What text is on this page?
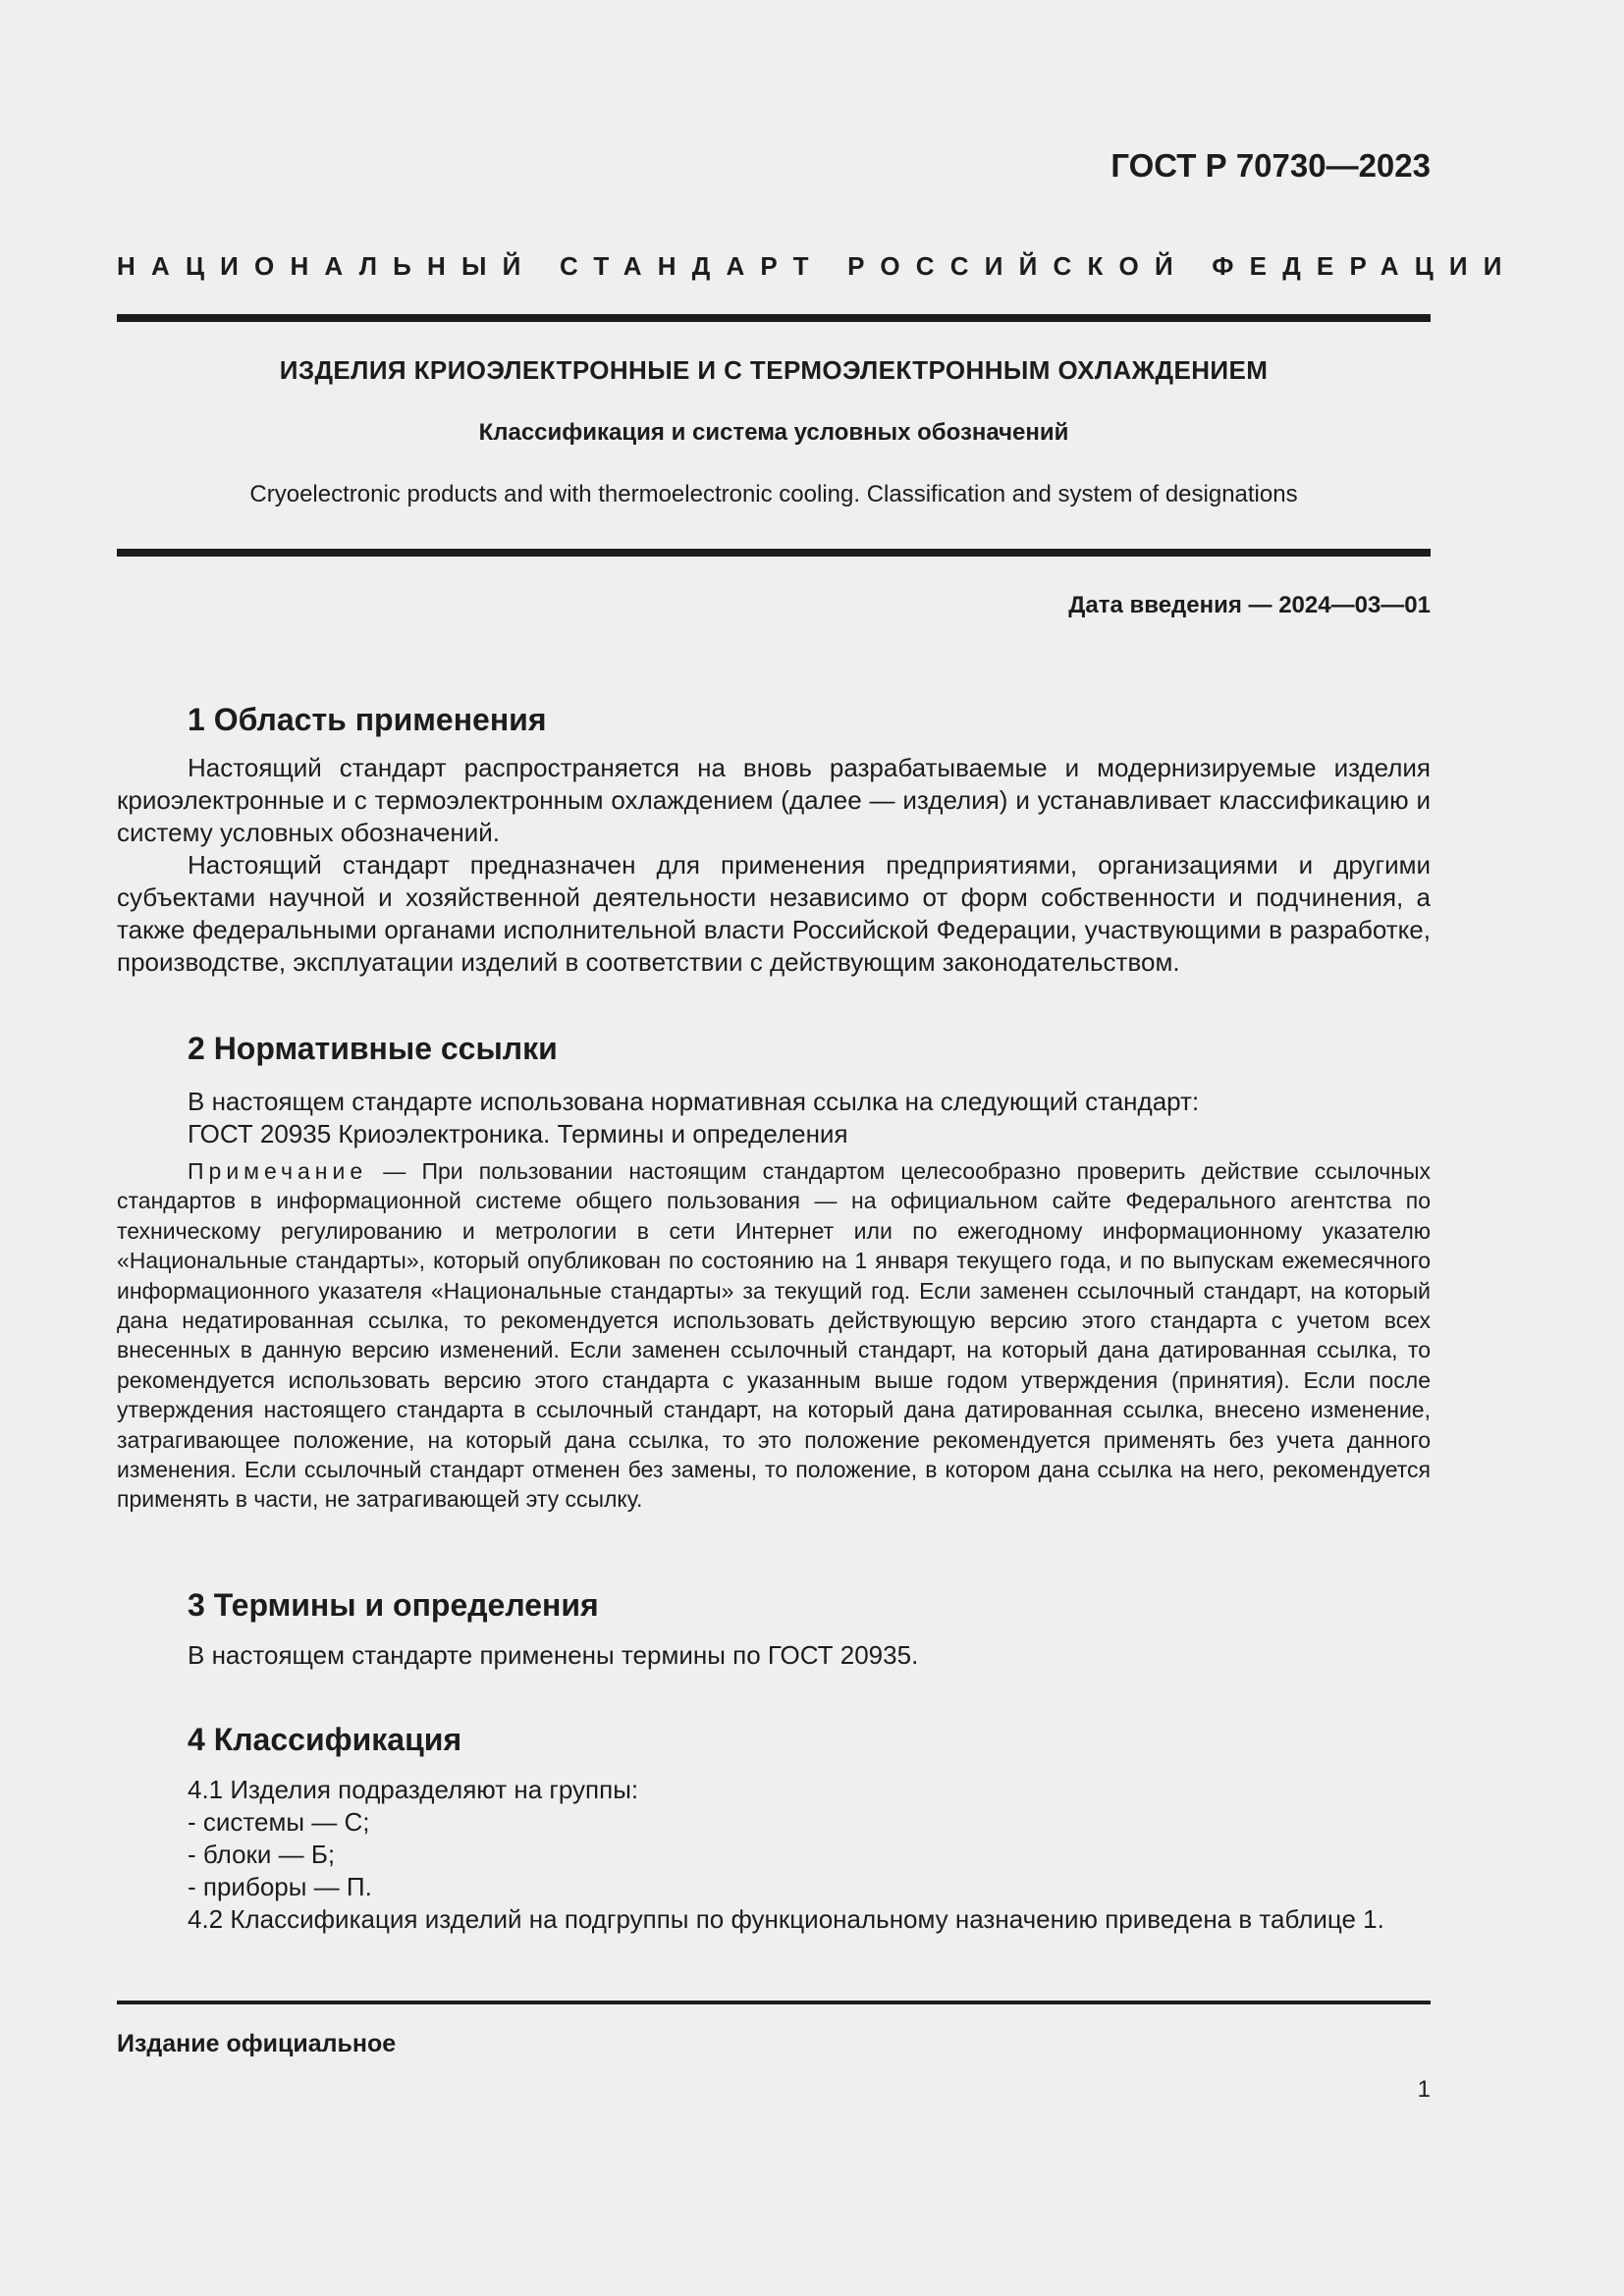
ГОСТ Р 70730—2023
НАЦИОНАЛЬНЫЙ СТАНДАРТ РОССИЙСКОЙ ФЕДЕРАЦИИ
ИЗДЕЛИЯ КРИОЭЛЕКТРОННЫЕ И С ТЕРМОЭЛЕКТРОННЫМ ОХЛАЖДЕНИЕМ
Классификация и система условных обозначений
Cryoelectronic products and with thermoelectronic cooling. Classification and system of designations
Дата введения — 2024—03—01
1 Область применения

Настоящий стандарт распространяется на вновь разрабатываемые и модернизируемые изделия криоэлектронные и с термоэлектронным охлаждением (далее — изделия) и устанавливает классификацию и систему условных обозначений.

Настоящий стандарт предназначен для применения предприятиями, организациями и другими субъектами научной и хозяйственной деятельности независимо от форм собственности и подчинения, а также федеральными органами исполнительной власти Российской Федерации, участвующими в разработке, производстве, эксплуатации изделий в соответствии с действующим законодательством.

2 Нормативные ссылки

В настоящем стандарте использована нормативная ссылка на следующий стандарт:

ГОСТ 20935 Криоэлектроника. Термины и определения

Примечание — При пользовании настоящим стандартом целесообразно проверить действие ссылочных стандартов в информационной системе общего пользования — на официальном сайте Федерального агентства по техническому регулированию и метрологии в сети Интернет или по ежегодному информационному указателю «Национальные стандарты», который опубликован по состоянию на 1 января текущего года, и по выпускам ежемесячного информационного указателя «Национальные стандарты» за текущий год. Если заменен ссылочный стандарт, на который дана недатированная ссылка, то рекомендуется использовать действующую версию этого стандарта с учетом всех внесенных в данную версию изменений. Если заменен ссылочный стандарт, на который дана датированная ссылка, то рекомендуется использовать версию этого стандарта с указанным выше годом утверждения (принятия). Если после утверждения настоящего стандарта в ссылочный стандарт, на который дана датированная ссылка, внесено изменение, затрагивающее положение, на который дана ссылка, то это положение рекомендуется применять без учета данного изменения. Если ссылочный стандарт отменен без замены, то положение, в котором дана ссылка на него, рекомендуется применять в части, не затрагивающей эту ссылку.

3 Термины и определения

В настоящем стандарте применены термины по ГОСТ 20935.

4 Классификация

4.1 Изделия подразделяют на группы:

- системы — С;

- блоки — Б;

- приборы — П.

4.2 Классификация изделий на подгруппы по функциональному назначению приведена в таблице 1.

Издание официальное
1
